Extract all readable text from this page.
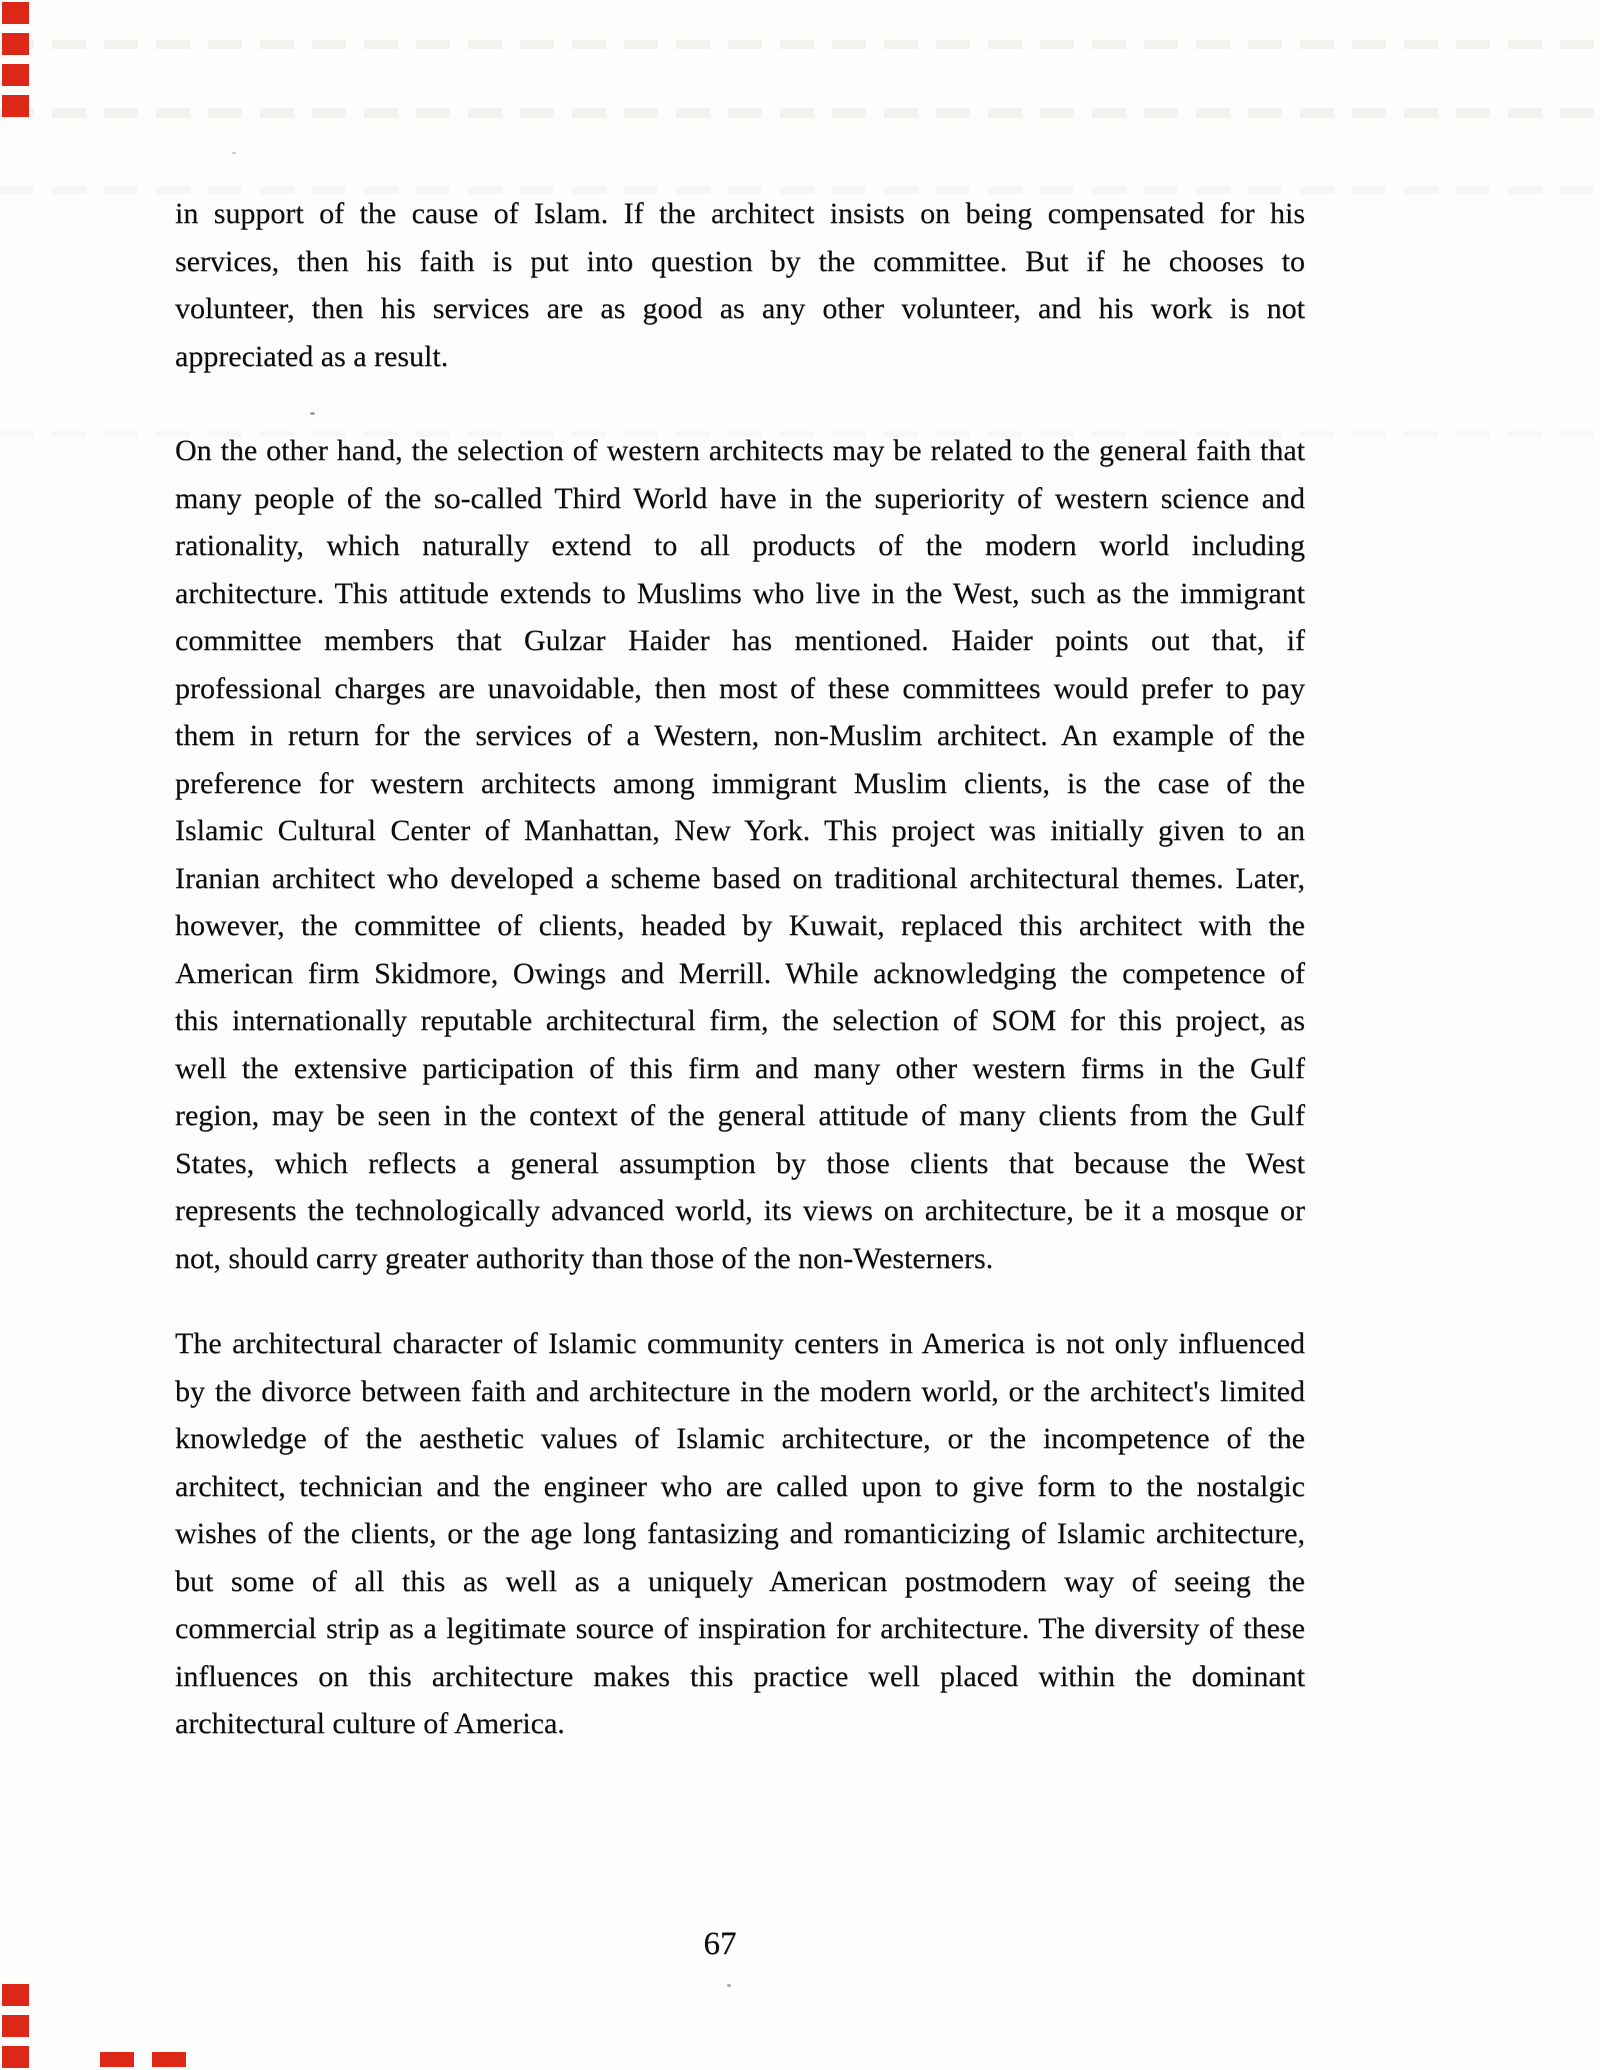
in support of the cause of Islam. If the architect insists on being compensated for his
services, then his faith is put into question by the committee. But if he chooses to
volunteer, then his services are as good as any other volunteer, and his work is not
appreciated as a result.
On the other hand, the selection of western architects may be related to the general faith that
many people of the so-called Third World have in the superiority of western science and
rationality, which naturally extend to all products of the modern world including
architecture. This attitude extends to Muslims who live in the West, such as the immigrant
committee members that Gulzar Haider has mentioned. Haider points out that, if
professional charges are unavoidable, then most of these committees would prefer to pay
them in return for the services of a Western, non-Muslim architect. An example of the
preference for western architects among immigrant Muslim clients, is the case of the
Islamic Cultural Center of Manhattan, New York. This project was initially given to an
Iranian architect who developed a scheme based on traditional architectural themes. Later,
however, the committee of clients, headed by Kuwait, replaced this architect with the
American firm Skidmore, Owings and Merrill. While acknowledging the competence of
this internationally reputable architectural firm, the selection of SOM for this project, as
well the extensive participation of this firm and many other western firms in the Gulf
region, may be seen in the context of the general attitude of many clients from the Gulf
States, which reflects a general assumption by those clients that because the West
represents the technologically advanced world, its views on architecture, be it a mosque or
not, should carry greater authority than those of the non-Westerners.
The architectural character of Islamic community centers in America is not only influenced
by the divorce between faith and architecture in the modern world, or the architect's limited
knowledge of the aesthetic values of Islamic architecture, or the incompetence of the
architect, technician and the engineer who are called upon to give form to the nostalgic
wishes of the clients, or the age long fantasizing and romanticizing of Islamic architecture,
but some of all this as well as a uniquely American postmodern way of seeing the
commercial strip as a legitimate source of inspiration for architecture. The diversity of these
influences on this architecture makes this practice well placed within the dominant
architectural culture of America.
67
